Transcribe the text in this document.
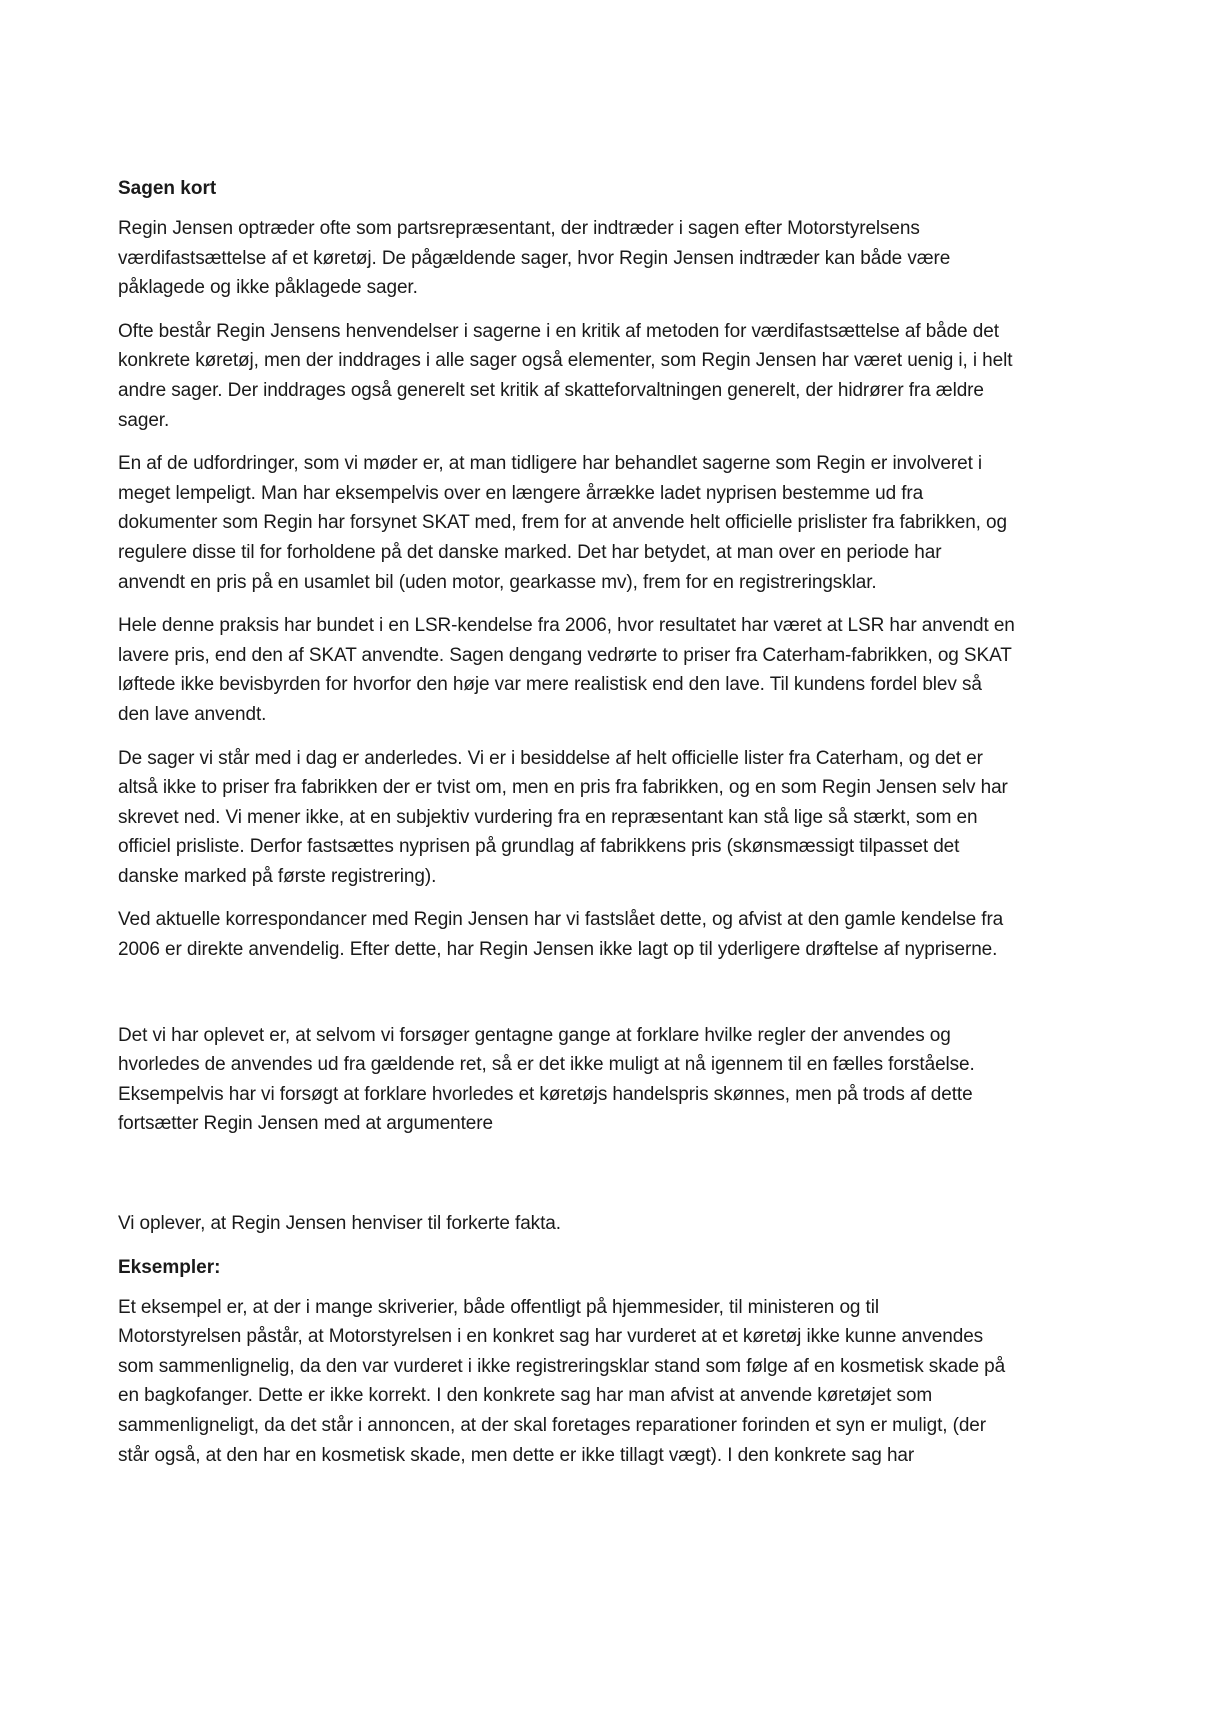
Sagen kort
Regin Jensen optræder ofte som partsrepræsentant, der indtræder i sagen efter Motorstyrelsens
værdifastsættelse af et køretøj. De pågældende sager, hvor Regin Jensen indtræder kan både være
påklagede og ikke påklagede sager.
Ofte består Regin Jensens henvendelser i sagerne i en kritik af metoden for værdifastsættelse af både det
konkrete køretøj, men der inddrages i alle sager også elementer, som Regin Jensen har været uenig i, i helt
andre sager. Der inddrages også generelt set kritik af skatteforvaltningen generelt, der hidrører fra ældre
sager.
En af de udfordringer, som vi møder er, at man tidligere har behandlet sagerne som Regin er involveret i
meget lempeligt. Man har eksempelvis over en længere årrække ladet nyprisen bestemme ud fra
dokumenter som Regin har forsynet SKAT med, frem for at anvende helt officielle prislister fra fabrikken, og
regulere disse til for forholdene på det danske marked. Det har betydet, at man over en periode har
anvendt en pris på en usamlet bil (uden motor, gearkasse mv), frem for en registreringsklar.
Hele denne praksis har bundet i en LSR-kendelse fra 2006, hvor resultatet har været at LSR har anvendt en
lavere pris, end den af SKAT anvendte. Sagen dengang vedrørte to priser fra Caterham-fabrikken, og SKAT
løftede ikke bevisbyrden for hvorfor den høje var mere realistisk end den lave. Til kundens fordel blev så
den lave anvendt.
De sager vi står med i dag er anderledes. Vi er i besiddelse af helt officielle lister fra Caterham, og det er
altså ikke to priser fra fabrikken der er tvist om, men en pris fra fabrikken, og en som Regin Jensen selv har
skrevet ned. Vi mener ikke, at en subjektiv vurdering fra en repræsentant kan stå lige så stærkt, som en
officiel prisliste. Derfor fastsættes nyprisen på grundlag af fabrikkens pris (skønsmæssigt tilpasset det
danske marked på første registrering).
Ved aktuelle korrespondancer med Regin Jensen har vi fastslået dette, og afvist at den gamle kendelse fra
2006 er direkte anvendelig. Efter dette, har Regin Jensen ikke lagt op til yderligere drøftelse af nypriserne.
Det vi har oplevet er, at selvom vi forsøger gentagne gange at forklare hvilke regler der anvendes og
hvorledes de anvendes ud fra gældende ret, så er det ikke muligt at nå igennem til en fælles forståelse.
Eksempelvis har vi forsøgt at forklare hvorledes et køretøjs handelspris skønnes, men på trods af dette
fortsætter Regin Jensen med at argumentere
Vi oplever, at Regin Jensen henviser til forkerte fakta.
Eksempler:
Et eksempel er, at der i mange skriverier, både offentligt på hjemmesider, til ministeren og til
Motorstyrelsen påstår, at Motorstyrelsen i en konkret sag har vurderet at et køretøj ikke kunne anvendes
som sammenlignelig, da den var vurderet i ikke registreringsklar stand som følge af en kosmetisk skade på
en bagkofanger. Dette er ikke korrekt. I den konkrete sag har man afvist at anvende køretøjet som
sammenligneligt, da det står i annoncen, at der skal foretages reparationer forinden et syn er muligt, (der
står også, at den har en kosmetisk skade, men dette er ikke tillagt vægt). I den konkrete sag har
